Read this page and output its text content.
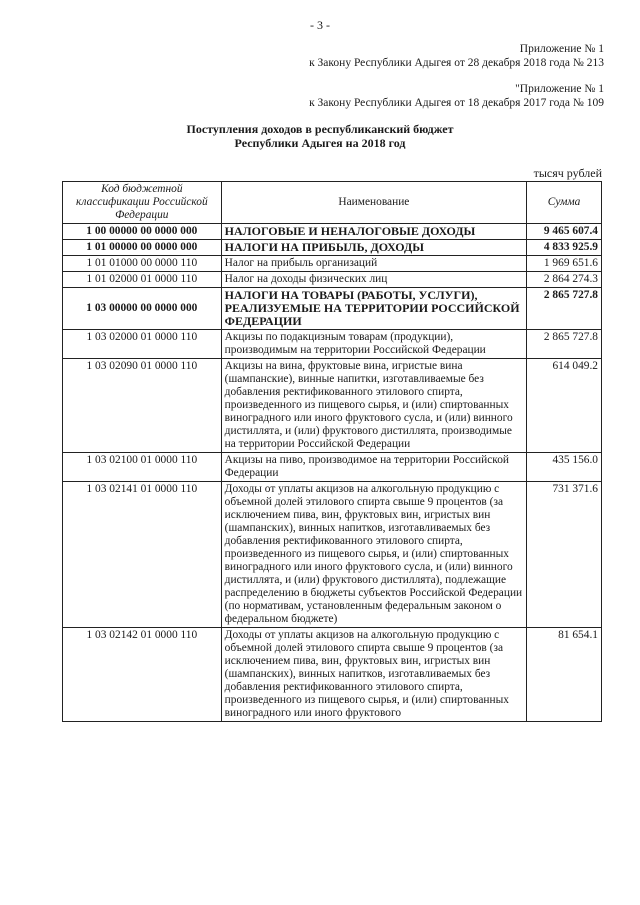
- 3 -
Приложение № 1
к Закону Республики Адыгея от 28 декабря 2018 года № 213
"Приложение № 1
к Закону Республики Адыгея от 18 декабря 2017 года № 109
Поступления доходов в республиканский бюджет
Республики Адыгея на 2018 год
тысяч рублей
Код бюджетной классификации Российской Федерации	Наименование	Сумма
1 00 00000 00 0000 000	НАЛОГОВЫЕ И НЕНАЛОГОВЫЕ ДОХОДЫ	9 465 607.4
1 01 00000 00 0000 000	НАЛОГИ НА ПРИБЫЛЬ, ДОХОДЫ	4 833 925.9
1 01 01000 00 0000 110	Налог на прибыль организаций	1 969 651.6
1 01 02000 01 0000 110	Налог на доходы физических лиц	2 864 274.3
1 03 00000 00 0000 000	НАЛОГИ НА ТОВАРЫ (РАБОТЫ, УСЛУГИ), РЕАЛИЗУЕМЫЕ НА ТЕРРИТОРИИ РОССИЙСКОЙ ФЕДЕРАЦИИ	2 865 727.8
1 03 02000 01 0000 110	Акцизы по подакцизным товарам (продукции), производимым на территории Российской Федерации	2 865 727.8
1 03 02090 01 0000 110	Акцизы на вина, фруктовые вина, игристые вина (шампанские), винные напитки, изготавливаемые без добавления ректификованного этилового спирта, произведенного из пищевого сырья, и (или) спиртованных виноградного или иного фруктового сусла, и (или) винного дистиллята, и (или) фруктового дистиллята, производимые на территории Российской Федерации	614 049.2
1 03 02100 01 0000 110	Акцизы на пиво, производимое на территории Российской Федерации	435 156.0
1 03 02141 01 0000 110	Доходы от уплаты акцизов на алкогольную продукцию с объемной долей этилового спирта свыше 9 процентов (за исключением пива, вин, фруктовых вин, игристых вин (шампанских), винных напитков, изготавливаемых без добавления ректификованного этилового спирта, произведенного из пищевого сырья, и (или) спиртованных виноградного или иного фруктового сусла, и (или) винного дистиллята, и (или) фруктового дистиллята), подлежащие распределению в бюджеты субъектов Российской Федерации (по нормативам, установленным федеральным законом о федеральном бюджете)	731 371.6
1 03 02142 01 0000 110	Доходы от уплаты акцизов на алкогольную продукцию с объемной долей этилового спирта свыше 9 процентов (за исключением пива, вин, фруктовых вин, игристых вин (шампанских), винных напитков, изготавливаемых без добавления ректификованного этилового спирта, произведенного из пищевого сырья, и (или) спиртованных виноградного или иного фруктового	81 654.1
